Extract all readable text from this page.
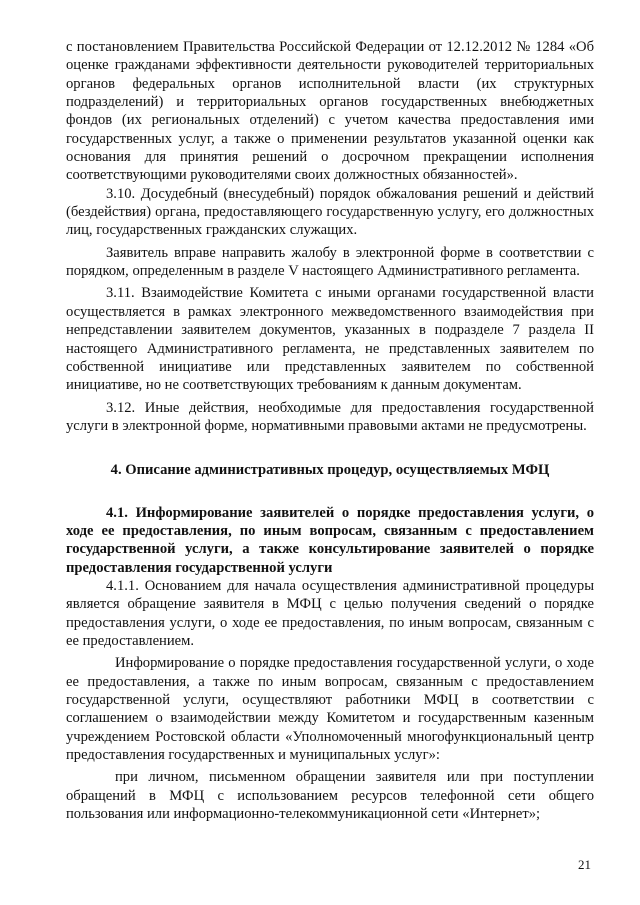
с постановлением Правительства Российской Федерации от 12.12.2012 № 1284 «Об оценке гражданами эффективности деятельности руководителей территориальных органов федеральных органов исполнительной власти (их структурных подразделений) и территориальных органов государственных внебюджетных фондов (их региональных отделений) с учетом качества предоставления ими государственных услуг, а также о применении результатов указанной оценки как основания для принятия решений о досрочном прекращении исполнения соответствующими руководителями своих должностных обязанностей».

3.10. Досудебный (внесудебный) порядок обжалования решений и действий (бездействия) органа, предоставляющего государственную услугу, его должностных лиц, государственных гражданских служащих.

Заявитель вправе направить жалобу в электронной форме в соответствии с порядком, определенным в разделе V настоящего Административного регламента.

3.11. Взаимодействие Комитета с иными органами государственной власти осуществляется в рамках электронного межведомственного взаимодействия при непредставлении заявителем документов, указанных в подразделе 7 раздела II настоящего Административного регламента, не представленных заявителем по собственной инициативе или представленных заявителем по собственной инициативе, но не соответствующих требованиям к данным документам.

3.12. Иные действия, необходимые для предоставления государственной услуги в электронной форме, нормативными правовыми актами не предусмотрены.

4. Описание административных процедур, осуществляемых МФЦ

4.1. Информирование заявителей о порядке предоставления услуги, о ходе ее предоставления, по иным вопросам, связанным с предоставлением государственной услуги, а также консультирование заявителей о порядке предоставления государственной услуги

4.1.1. Основанием для начала осуществления административной процедуры является обращение заявителя в МФЦ с целью получения сведений о порядке предоставления услуги, о ходе ее предоставления, по иным вопросам, связанным с ее предоставлением.

Информирование о порядке предоставления государственной услуги, о ходе ее предоставления, а также по иным вопросам, связанным с предоставлением государственной услуги, осуществляют работники МФЦ в соответствии с соглашением о взаимодействии между Комитетом и государственным казенным учреждением Ростовской области «Уполномоченный многофункциональный центр предоставления государственных и муниципальных услуг»:

при личном, письменном обращении заявителя или при поступлении обращений в МФЦ с использованием ресурсов телефонной сети общего пользования или информационно-телекоммуникационной сети «Интернет»;

21
